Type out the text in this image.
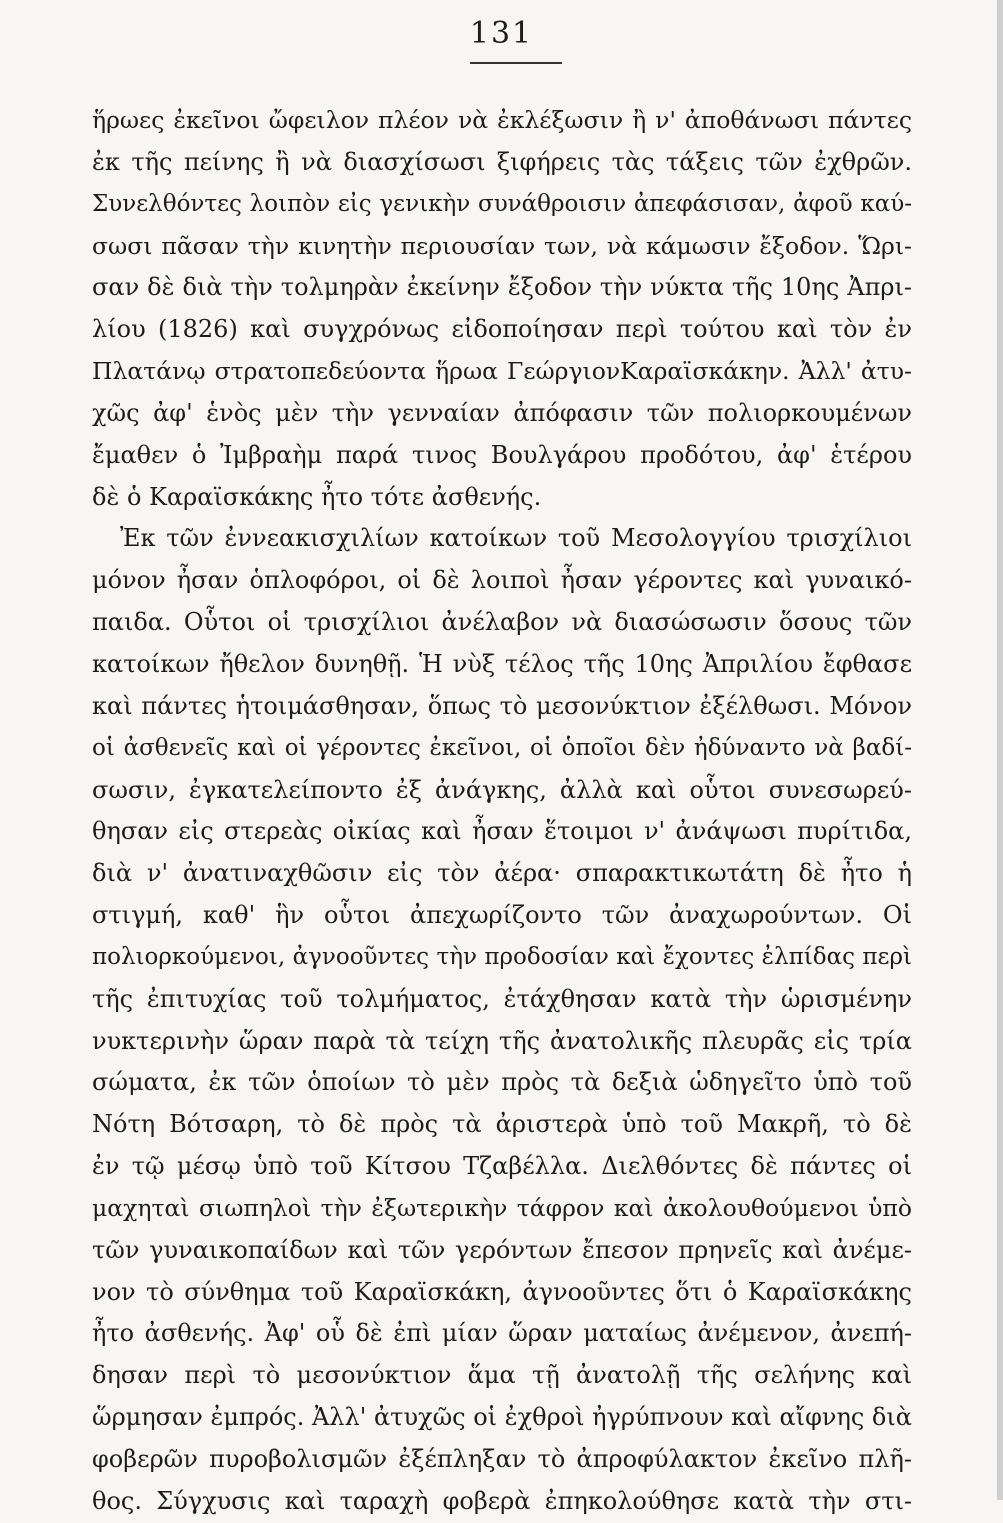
131
ἥρωες ἐκεῖνοι ὤφειλον πλέον νὰ ἐκλέξωσιν ἢ ν' ἀποθάνωσι πάντες
ἐκ τῆς πείνης ἢ νὰ διασχίσωσι ξιφήρεις τὰς τάξεις τῶν ἐχθρῶν.
Συνελθόντες λοιπὸν εἰς γενικὴν συνάθροισιν ἀπεφάσισαν, ἀφοῦ καύ-
σωσι πᾶσαν τὴν κινητὴν περιουσίαν των, νὰ κάμωσιν ἔξοδον. Ὥρι-
σαν δὲ διὰ τὴν τολμηρὰν ἐκείνην ἔξοδον τὴν νύκτα τῆς 10ης Ἀπρι-
λίου (1826) καὶ συγχρόνως εἰδοποίησαν περὶ τούτου καὶ τὸν ἐν
Πλατάνῳ στρατοπεδεύοντα ἥρωα ΓεώργιονΚαραϊσκάκην. Ἀλλ' ἀτυ-
χῶς ἀφ' ἑνὸς μὲν τὴν γενναίαν ἀπόφασιν τῶν πολιορκουμένων
ἔμαθεν ὁ Ἰμβραὴμ παρά τινος Βουλγάρου προδότου, ἀφ' ἑτέρου
δὲ ὁ Καραϊσκάκης ἦτο τότε ἀσθενής.
Ἐκ τῶν ἐννεακισχιλίων κατοίκων τοῦ Μεσολογγίου τρισχίλιοι
μόνον ἦσαν ὁπλοφόροι, οἱ δὲ λοιποὶ ἦσαν γέροντες καὶ γυναικό-
παιδα. Οὗτοι οἱ τρισχίλιοι ἀνέλαβον νὰ διασώσωσιν ὅσους τῶν
κατοίκων ἤθελον δυνηθῇ. Ἡ νὺξ τέλος τῆς 10ης Ἀπριλίου ἔφθασε
καὶ πάντες ἡτοιμάσθησαν, ὅπως τὸ μεσονύκτιον ἐξέλθωσι. Μόνον
οἱ ἀσθενεῖς καὶ οἱ γέροντες ἐκεῖνοι, οἱ ὁποῖοι δὲν ἠδύναντο νὰ βαδί-
σωσιν, ἐγκατελείποντο ἐξ ἀνάγκης, ἀλλὰ καὶ οὗτοι συνεσωρεύ-
θησαν εἰς στερεὰς οἰκίας καὶ ἦσαν ἕτοιμοι ν' ἀνάψωσι πυρίτιδα,
διὰ ν' ἀνατιναχθῶσιν εἰς τὸν ἀέρα· σπαρακτικωτάτη δὲ ἦτο ἡ
στιγμή, καθ' ἣν οὗτοι ἀπεχωρίζοντο τῶν ἀναχωρούντων. Οἱ
πολιορκούμενοι, ἀγνοοῦντες τὴν προδοσίαν καὶ ἔχοντες ἐλπίδας περὶ
τῆς ἐπιτυχίας τοῦ τολμήματος, ἐτάχθησαν κατὰ τὴν ὡρισμένην
νυκτερινὴν ὥραν παρὰ τὰ τείχη τῆς ἀνατολικῆς πλευρᾶς εἰς τρία
σώματα, ἐκ τῶν ὁποίων τὸ μὲν πρὸς τὰ δεξιὰ ὡδηγεῖτο ὑπὸ τοῦ
Νότη Βότσαρη, τὸ δὲ πρὸς τὰ ἀριστερὰ ὑπὸ τοῦ Μακρῆ, τὸ δὲ
ἐν τῷ μέσῳ ὑπὸ τοῦ Κίτσου Τζαβέλλα. Διελθόντες δὲ πάντες οἱ
μαχηταὶ σιωπηλοὶ τὴν ἐξωτερικὴν τάφρον καὶ ἀκολουθούμενοι ὑπὸ
τῶν γυναικοπαίδων καὶ τῶν γερόντων ἔπεσον πρηνεῖς καὶ ἀνέμε-
νον τὸ σύνθημα τοῦ Καραϊσκάκη, ἀγνοοῦντες ὅτι ὁ Καραϊσκάκης
ἦτο ἀσθενής. Ἀφ' οὗ δὲ ἐπὶ μίαν ὥραν ματαίως ἀνέμενον, ἀνεπή-
δησαν περὶ τὸ μεσονύκτιον ἅμα τῇ ἀνατολῇ τῆς σελήνης καὶ
ὥρμησαν ἐμπρός. Ἀλλ' ἀτυχῶς οἱ ἐχθροὶ ἠγρύπνουν καὶ αἴφνης διὰ
φοβερῶν πυροβολισμῶν ἐξέπληξαν τὸ ἀπροφύλακτον ἐκεῖνο πλῆ-
θος. Σύγχυσις καὶ ταραχὴ φοβερὰ ἐπηκολούθησε κατὰ τὴν στι-
